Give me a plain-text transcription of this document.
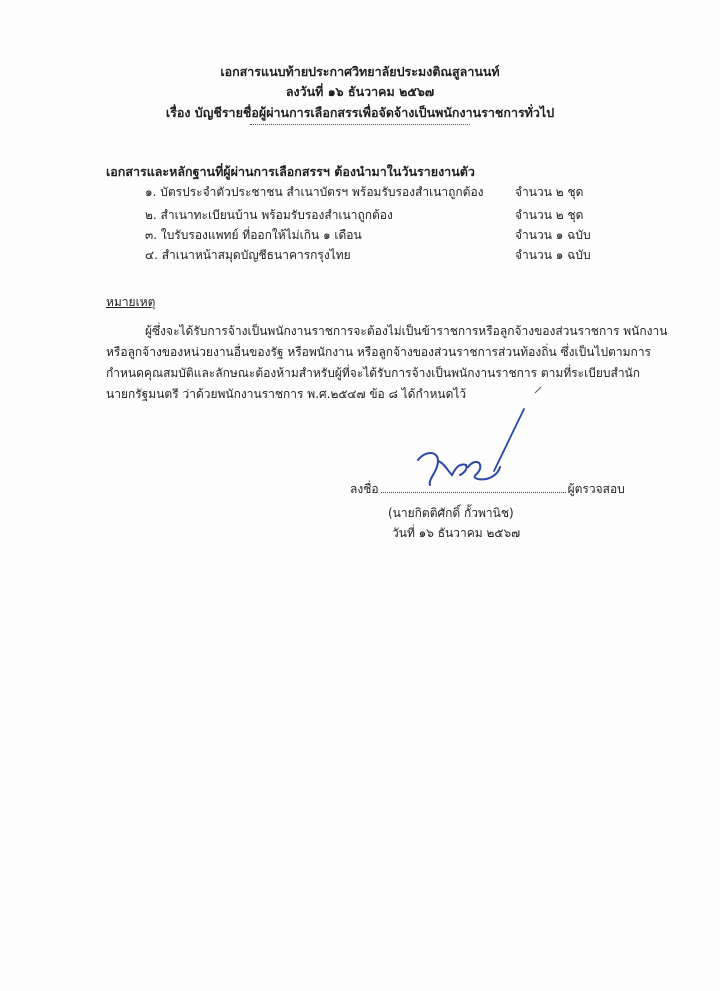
เอกสารแนบท้ายประกาศวิทยาลัยประมงติณสูลานนท์
ลงวันที่ ๑๖ ธันวาคม ๒๕๖๗
เรื่อง บัญชีรายชื่อผู้ผ่านการเลือกสรรเพื่อจัดจ้างเป็นพนักงานราชการทั่วไป
เอกสารและหลักฐานที่ผู้ผ่านการเลือกสรรฯ ต้องนำมาในวันรายงานตัว
๑. บัตรประจำตัวประชาชน สำเนาบัตรฯ พร้อมรับรองสำเนาถูกต้อง	จำนวน ๒ ชุด
๒. สำเนาทะเบียนบ้าน พร้อมรับรองสำเนาถูกต้อง	จำนวน ๒ ชุด
๓. ใบรับรองแพทย์ ที่ออกให้ไม่เกิน ๑ เดือน	จำนวน ๑ ฉบับ
๔. สำเนาหน้าสมุดบัญชีธนาคารกรุงไทย	จำนวน ๑ ฉบับ
หมายเหตุ
ผู้ซึ่งจะได้รับการจ้างเป็นพนักงานราชการจะต้องไม่เป็นข้าราชการหรือลูกจ้างของส่วนราชการ พนักงาน
หรือลูกจ้างของหน่วยงานอื่นของรัฐ หรือพนักงาน หรือลูกจ้างของส่วนราชการส่วนท้องถิ่น ซึ่งเป็นไปตามการ
กำหนดคุณสมบัติและลักษณะต้องห้ามสำหรับผู้ที่จะได้รับการจ้างเป็นพนักงานราชการ ตามที่ระเบียบสำนัก
นายกรัฐมนตรี ว่าด้วยพนักงานราชการ พ.ศ.๒๕๔๗ ข้อ ๘ ได้กำหนดไว้
ลงชื่อ	ผู้ตรวจสอบ
(นายกิตติศักดิ์ กั้วพานิช)
วันที่ ๑๖ ธันวาคม ๒๕๖๗
